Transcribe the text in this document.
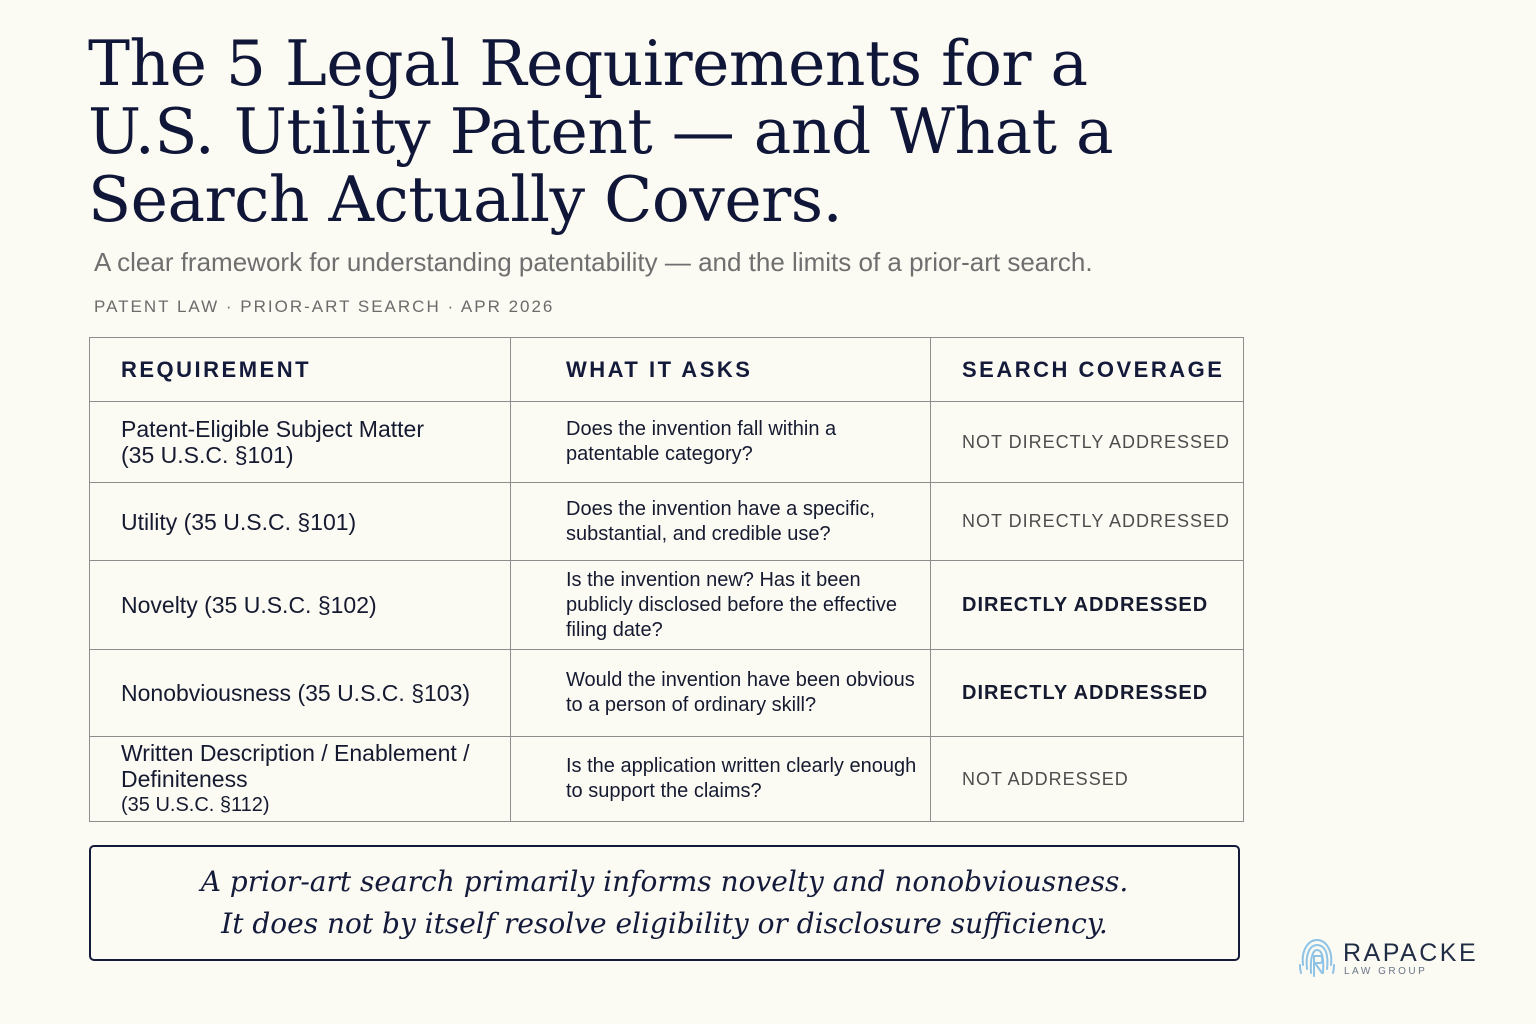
The 5 Legal Requirements for a U.S. Utility Patent — and What a Search Actually Covers.
A clear framework for understanding patentability — and the limits of a prior-art search.
PATENT LAW · PRIOR-ART SEARCH · APR 2026
REQUIREMENT	WHAT IT ASKS	SEARCH COVERAGE
Patent-Eligible Subject Matter
(35 U.S.C. §101)	Does the invention fall within a patentable category?	NOT DIRECTLY ADDRESSED
Utility (35 U.S.C. §101)	Does the invention have a specific, substantial, and credible use?	NOT DIRECTLY ADDRESSED
Novelty (35 U.S.C. §102)	Is the invention new? Has it been publicly disclosed before the effective filing date?	DIRECTLY ADDRESSED
Nonobviousness (35 U.S.C. §103)	Would the invention have been obvious to a person of ordinary skill?	DIRECTLY ADDRESSED
Written Description / Enablement / Definiteness
(35 U.S.C. §112)	Is the application written clearly enough to support the claims?	NOT ADDRESSED
A prior-art search primarily informs novelty and nonobviousness.
It does not by itself resolve eligibility or disclosure sufficiency.
RAPACKE
LAW GROUP
